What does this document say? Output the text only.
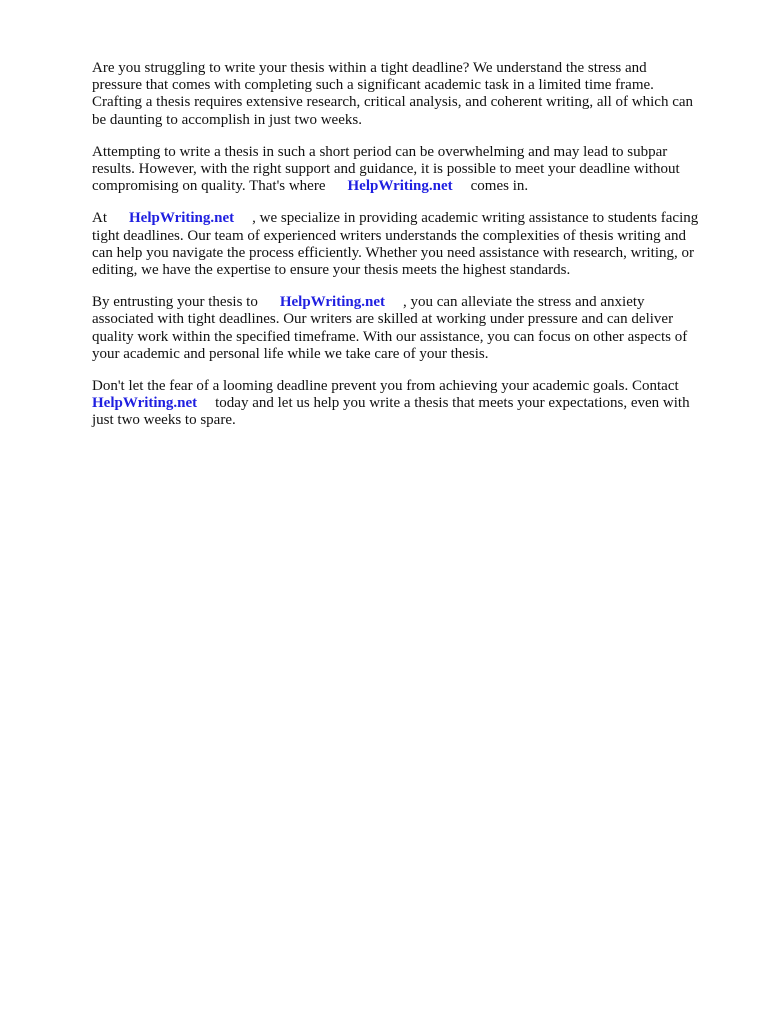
Are you struggling to write your thesis within a tight deadline? We understand the stress and
pressure that comes with completing such a significant academic task in a limited time frame.
Crafting a thesis requires extensive research, critical analysis, and coherent writing, all of which can
be daunting to accomplish in just two weeks.

Attempting to write a thesis in such a short period can be overwhelming and may lead to subpar
results. However, with the right support and guidance, it is possible to meet your deadline without
compromising on quality. That's where HelpWriting.net comes in.

At HelpWriting.net , we specialize in providing academic writing assistance to students facing
tight deadlines. Our team of experienced writers understands the complexities of thesis writing and
can help you navigate the process efficiently. Whether you need assistance with research, writing, or
editing, we have the expertise to ensure your thesis meets the highest standards.

By entrusting your thesis to HelpWriting.net , you can alleviate the stress and anxiety
associated with tight deadlines. Our writers are skilled at working under pressure and can deliver
quality work within the specified timeframe. With our assistance, you can focus on other aspects of
your academic and personal life while we take care of your thesis.

Don't let the fear of a looming deadline prevent you from achieving your academic goals. Contact
HelpWriting.net today and let us help you write a thesis that meets your expectations, even with
just two weeks to spare.
